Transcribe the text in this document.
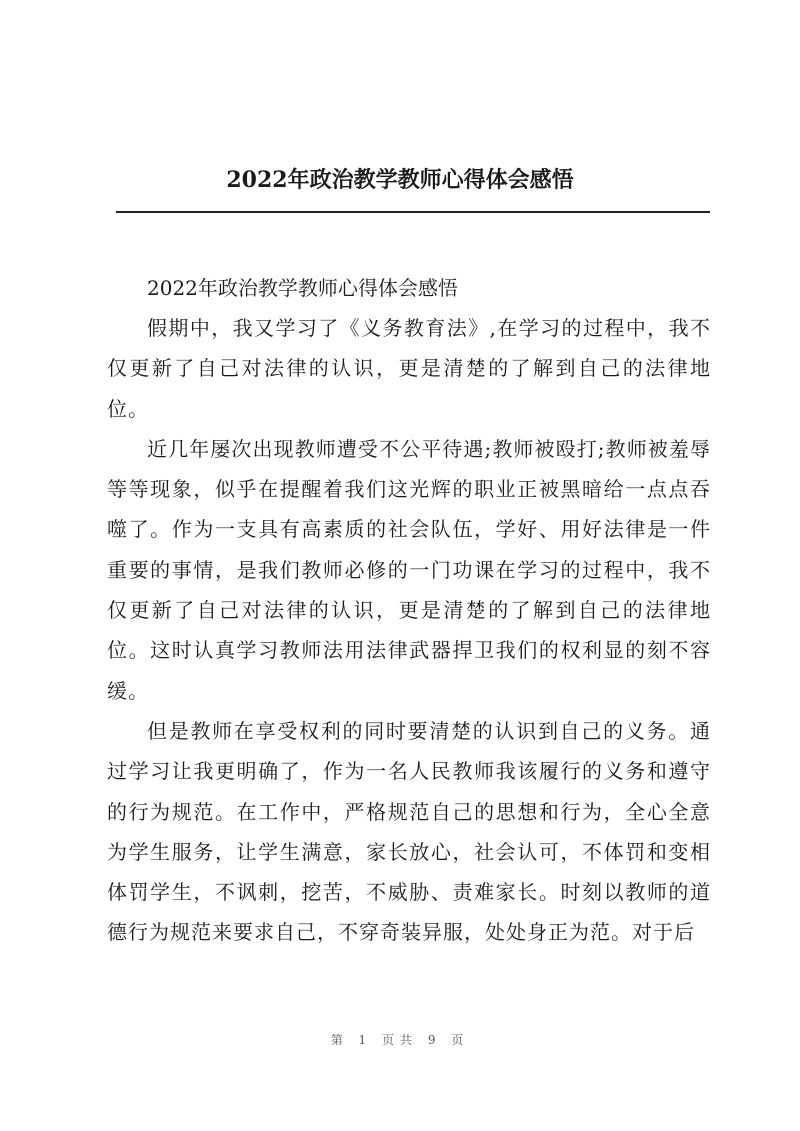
2022年政治教学教师心得体会感悟

2022年政治教学教师心得体会感悟

假期中，我又学习了《义务教育法》,在学习的过程中，我不仅更新了自己对法律的认识，更是清楚的了解到自己的法律地位。

近几年屡次出现教师遭受不公平待遇;教师被殴打;教师被羞辱等等现象，似乎在提醒着我们这光辉的职业正被黑暗给一点点吞噬了。作为一支具有高素质的社会队伍，学好、用好法律是一件重要的事情，是我们教师必修的一门功课在学习的过程中，我不仅更新了自己对法律的认识，更是清楚的了解到自己的法律地位。这时认真学习教师法用法律武器捍卫我们的权利显的刻不容缓。

但是教师在享受权利的同时要清楚的认识到自己的义务。通过学习让我更明确了，作为一名人民教师我该履行的义务和遵守的行为规范。在工作中，严格规范自己的思想和行为，全心全意为学生服务，让学生满意，家长放心，社会认可，不体罚和变相体罚学生，不讽刺，挖苦，不威胁、责难家长。时刻以教师的道德行为规范来要求自己，不穿奇装异服，处处身正为范。对于后

第 1 页共 9 页
